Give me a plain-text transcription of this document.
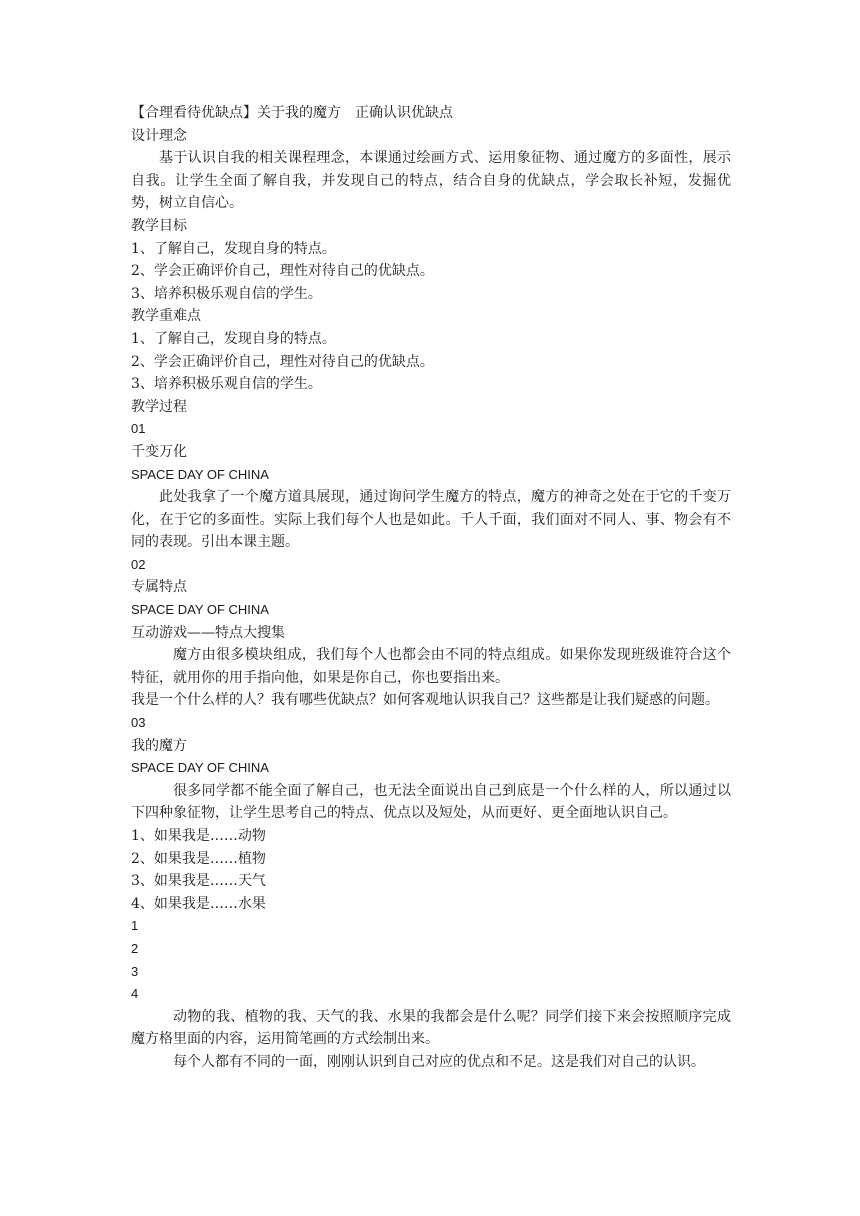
【合理看待优缺点】关于我的魔方　正确认识优缺点

设计理念

基于认识自我的相关课程理念，本课通过绘画方式、运用象征物、通过魔方的多面性，展示自我。让学生全面了解自我，并发现自己的特点，结合自身的优缺点，学会取长补短，发掘优势，树立自信心。

教学目标

1、了解自己，发现自身的特点。

2、学会正确评价自己，理性对待自己的优缺点。

3、培养积极乐观自信的学生。

教学重难点

1、了解自己，发现自身的特点。

2、学会正确评价自己，理性对待自己的优缺点。

3、培养积极乐观自信的学生。

教学过程

01

千变万化

SPACE DAY OF CHINA

此处我拿了一个魔方道具展现，通过询问学生魔方的特点，魔方的神奇之处在于它的千变万化，在于它的多面性。实际上我们每个人也是如此。千人千面，我们面对不同人、事、物会有不同的表现。引出本课主题。

02

专属特点

SPACE DAY OF CHINA

互动游戏——特点大搜集

魔方由很多模块组成，我们每个人也都会由不同的特点组成。如果你发现班级谁符合这个特征，就用你的用手指向他，如果是你自己，你也要指出来。

我是一个什么样的人？我有哪些优缺点？如何客观地认识我自己？这些都是让我们疑惑的问题。

03

我的魔方

SPACE DAY OF CHINA

很多同学都不能全面了解自己，也无法全面说出自己到底是一个什么样的人，所以通过以下四种象征物，让学生思考自己的特点、优点以及短处，从而更好、更全面地认识自己。

1、如果我是……动物

2、如果我是……植物

3、如果我是……天气

4、如果我是……水果

1

2

3

4

动物的我、植物的我、天气的我、水果的我都会是什么呢？同学们接下来会按照顺序完成魔方格里面的内容，运用简笔画的方式绘制出来。

每个人都有不同的一面，刚刚认识到自己对应的优点和不足。这是我们对自己的认识。
